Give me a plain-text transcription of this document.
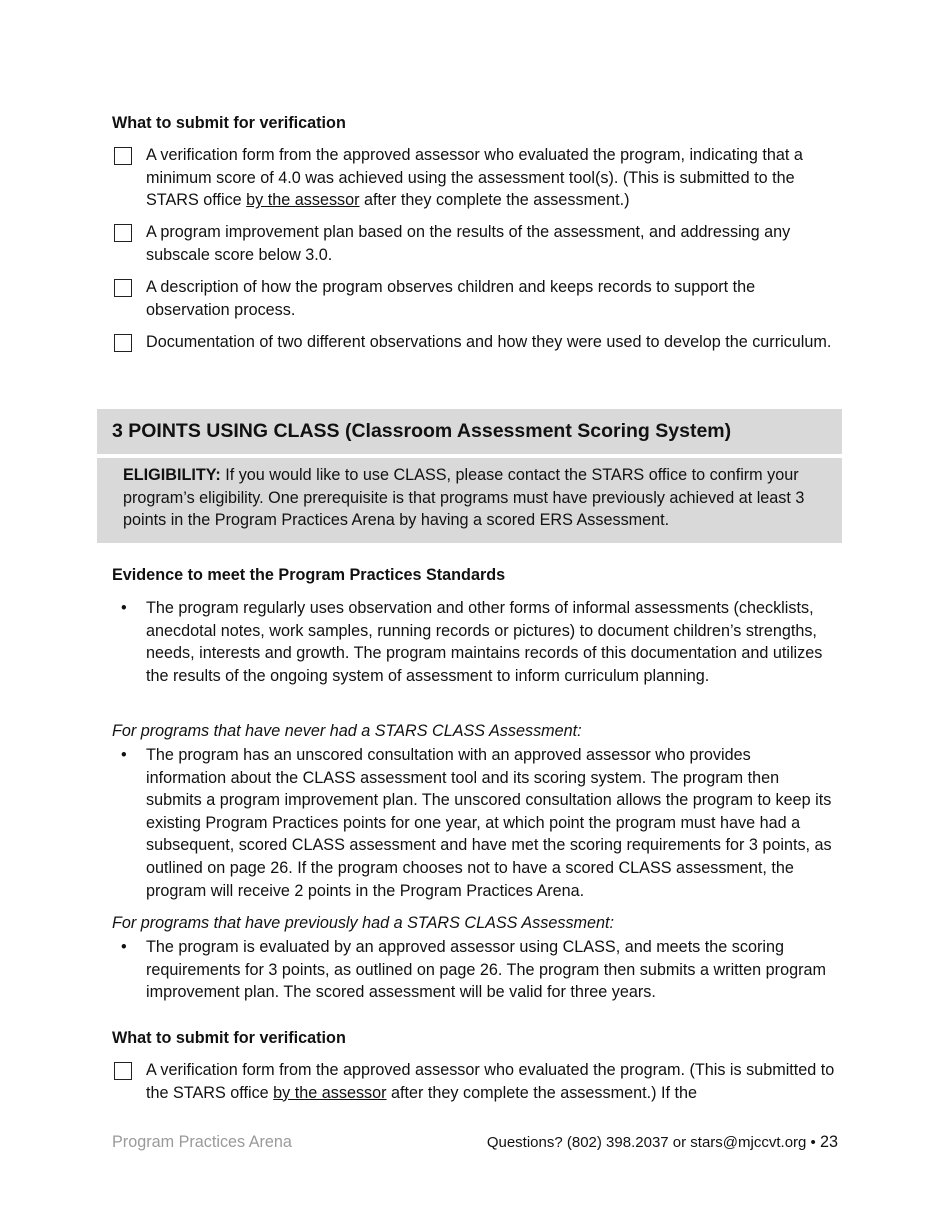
What to submit for verification
A verification form from the approved assessor who evaluated the program, indicating that a minimum score of 4.0 was achieved using the assessment tool(s). (This is submitted to the STARS office by the assessor after they complete the assessment.)
A program improvement plan based on the results of the assessment, and addressing any subscale score below 3.0.
A description of how the program observes children and keeps records to support the observation process.
Documentation of two different observations and how they were used to develop the curriculum.
3 POINTS USING CLASS (Classroom Assessment Scoring System)
ELIGIBILITY: If you would like to use CLASS, please contact the STARS office to confirm your program’s eligibility. One prerequisite is that programs must have previously achieved at least 3 points in the Program Practices Arena by having a scored ERS Assessment.
Evidence to meet the Program Practices Standards
• The program regularly uses observation and other forms of informal assessments (checklists, anecdotal notes, work samples, running records or pictures) to document children’s strengths, needs, interests and growth. The program maintains records of this documentation and utilizes the results of the ongoing system of assessment to inform curriculum planning.
For programs that have never had a STARS CLASS Assessment:
• The program has an unscored consultation with an approved assessor who provides information about the CLASS assessment tool and its scoring system. The program then submits a program improvement plan. The unscored consultation allows the program to keep its existing Program Practices points for one year, at which point the program must have had a subsequent, scored CLASS assessment and have met the scoring requirements for 3 points, as outlined on page 26. If the program chooses not to have a scored CLASS assessment, the program will receive 2 points in the Program Practices Arena.
For programs that have previously had a STARS CLASS Assessment:
• The program is evaluated by an approved assessor using CLASS, and meets the scoring requirements for 3 points, as outlined on page 26. The program then submits a written program improvement plan. The scored assessment will be valid for three years.
What to submit for verification
A verification form from the approved assessor who evaluated the program. (This is submitted to the STARS office by the assessor after they complete the assessment.) If the
Program Practices Arena	Questions? (802) 398.2037 or stars@mjccvt.org • 23
